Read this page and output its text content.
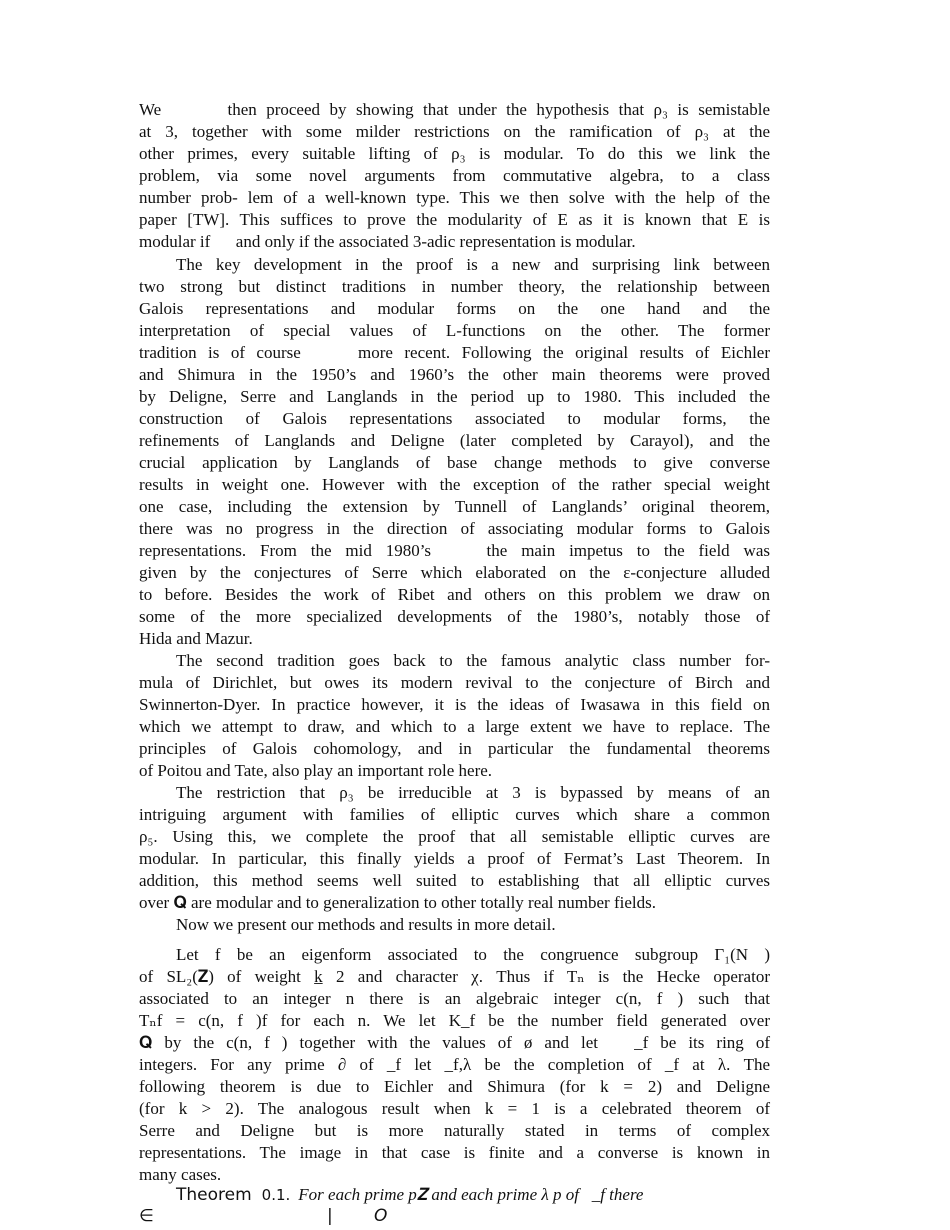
We       then proceed by showing that under the hypothesis that ρ₃ is semistable
at 3, together with some milder restrictions on the ramification of ρ₃ at the
other primes, every suitable lifting of ρ₃ is modular. To do this we link the
problem, via some novel arguments from commutative algebra, to a class
number prob- lem of a well-known type. This we then solve with the help of the
paper [TW]. This suffices to prove the modularity of E as it is known that E is
modular if      and only if the associated 3-adic representation is modular.
The key development in the proof is a new and surprising link between
two strong but distinct traditions in number theory, the relationship between
Galois representations and modular forms on the one hand and the
interpretation of special values of L-functions on the other. The former
tradition is of course     more recent. Following the original results of Eichler
and Shimura in the 1950’s and 1960’s the other main theorems were proved
by Deligne, Serre and Langlands in the period up to 1980. This included the
construction of Galois representations associated to modular forms, the
refinements of Langlands and Deligne (later completed by Carayol), and the
crucial application by Langlands of base change methods to give converse
results in weight one. However with the exception of the rather special weight
one case, including the extension by Tunnell of Langlands’ original theorem,
there was no progress in the direction of associating modular forms to Galois
representations. From the mid 1980’s    the main impetus to the field was
given by the conjectures of Serre which elaborated on the ε-conjecture alluded
to before. Besides the work of Ribet and others on this problem we draw on
some of the more specialized developments of the 1980’s, notably those of
Hida and Mazur.
The second tradition goes back to the famous analytic class number for-
mula of Dirichlet, but owes its modern revival to the conjecture of Birch and
Swinnerton-Dyer. In practice however, it is the ideas of Iwasawa in this field on
which we attempt to draw, and which to a large extent we have to replace. The
principles of Galois cohomology, and in particular the fundamental theorems
of Poitou and Tate, also play an important role here.
The restriction that ρ₃ be irreducible at 3 is bypassed by means of an
intriguing argument with families of elliptic curves which share a common
ρ₅. Using this, we complete the proof that all semistable elliptic curves are
modular. In particular, this finally yields a proof of Fermat’s Last Theorem. In
addition, this method seems well suited to establishing that all elliptic curves
over 𝐐 are modular and to generalization to other totally real number fields.
Now we present our methods and results in more detail.
Let f be an eigenform associated to the congruence subgroup Γ₁(N )
of SL₂(𝐙) of weight k̲ 2 and character χ. Thus if Tₙ is the Hecke operator
associated to an integer n there is an algebraic integer c(n, f ) such that
Tₙf = c(n, f )f for each n. We let K_f be the number field generated over
𝐐 by the c(n, f ) together with the values of ø and let   _f be its ring of
integers. For any prime ∂ of _f let _f,λ be the completion of _f at λ. The
following theorem is due to Eichler and Shimura (for k = 2) and Deligne
(for k > 2). The analogous result when k = 1 is a celebrated theorem of
Serre and Deligne but is more naturally stated in terms of complex
representations. The image in that case is finite and a converse is known in
many cases.
Theorem 0.1. For each prime p𝐙 and each prime λ p of   _f there
∈	| O
